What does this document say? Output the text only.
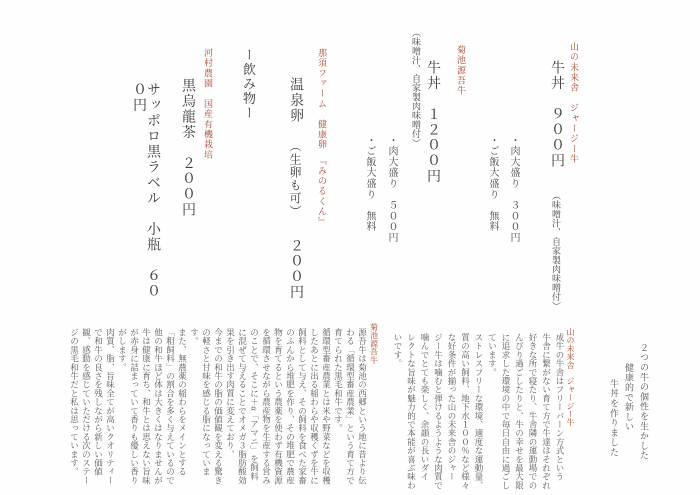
山の未来舎　ジャージー牛
牛丼　９００円 （味噌汁、自家製肉味噌付）
・肉大盛り　３００円
・ご飯大盛り　無料
菊池源吾牛
牛丼　１２００円 （味噌汁、自家製肉味噌付）
・肉大盛り　５００円
・ご飯大盛り　無料
那須ファーム　健康卵　『みのるくん』
温泉卵 （生卵も可） ２００円
ー飲み物ー
河村農園　国産有機栽培
黒烏龍茶　２００円
サッポロ黒ラベル　小瓶　６００円
２つの牛の個性を生かした
健康的で新しい
牛丼を作りました
山の未来舎　ジャージー牛
成牛の牛舎はフリーバーン方式という
牛舎に繋がない育て方で牛達はそれぞれ
好きな所で寝たり、牛舎隣の運動場での
んびり過ごしたりと、牛の幸せを最大限
に追求した環境の中で毎日自由に過ごし
ています。
ストレスフリーな環境、適度な運動量、
質の高い飼料、地下水１００％など様々
な好条件が揃った山の未来舎のジャー
ジー牛は噛むと弾けるようような肉質で
噛んでとても楽しく、余韻の長いダイ
レクトな旨味が魅力的で本能が喜ぶ味わ
いです。
菊池源吾牛
源吾牛は菊池の西郷という地に昔より伝
わる「循環型畜産農業」という育て方で
育てられた黒毛和牛です。
循環型畜産農業とは米や野菜などを収穫
したあとに出る稲わらや収穫くずを牛に
飼料として与え、その飼料を食べた家畜
のふんから堆肥を作り、その堆肥で農産
物を育てるという農薬を使わず有機資源
を循環させながら農産物を生産する営み
のことで、そこに＋α「アマニ」を飼料
に混ぜて与えることでオメガ３脂肪酸効
果を引き出す肉質に変えており、
今までの和牛の脂の価値観を変える驚き
の軽さと甘味を感じる脂になっていま
す。
また、無農薬の稲わらをメインとする
「粗飼料」の割合を多く与えているので
他の和牛ほど体は大きくはなりませんが
牛は健康に育ち、和牛とは思えない旨味
が赤身に詰まっていて香りも優しい香り
がします。
肉質、脂、旨味全てが高いクオリティー
で和牛の良さを残しながら新しい価値
観、感動を感じていただける次のステー
ジの黒毛和牛だと私は思っています。
